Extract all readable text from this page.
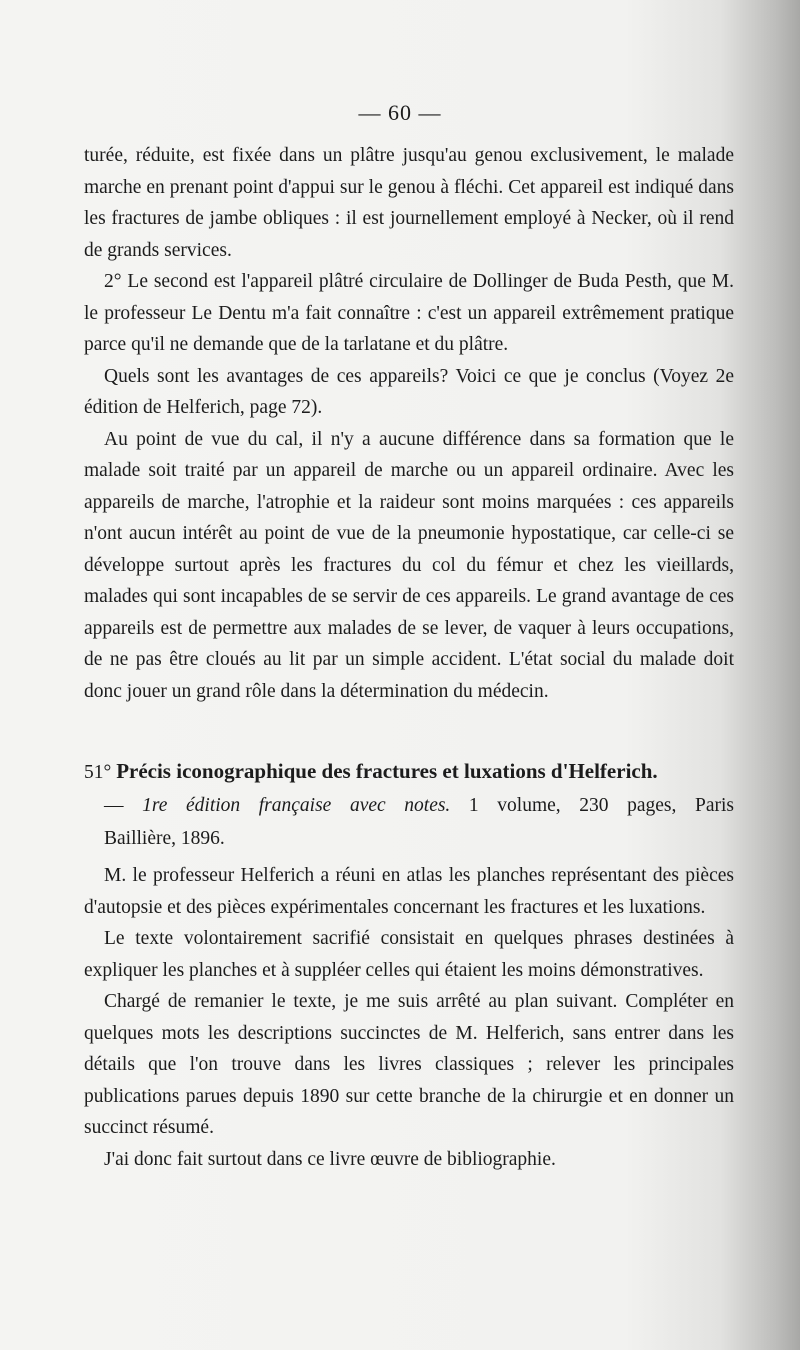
— 60 —

turée, réduite, est fixée dans un plâtre jusqu'au genou exclusivement, le malade marche en prenant point d'appui sur le genou à fléchi. Cet appareil est indiqué dans les fractures de jambe obliques : il est journellement employé à Necker, où il rend de grands services.

2° Le second est l'appareil plâtré circulaire de Dollinger de Buda Pesth, que M. le professeur Le Dentu m'a fait connaître : c'est un appareil extrêmement pratique parce qu'il ne demande que de la tarlatane et du plâtre.

Quels sont les avantages de ces appareils? Voici ce que je conclus (Voyez 2e édition de Helferich, page 72).

Au point de vue du cal, il n'y a aucune différence dans sa formation que le malade soit traité par un appareil de marche ou un appareil ordinaire. Avec les appareils de marche, l'atrophie et la raideur sont moins marquées : ces appareils n'ont aucun intérêt au point de vue de la pneumonie hypostatique, car celle-ci se développe surtout après les fractures du col du fémur et chez les vieillards, malades qui sont incapables de se servir de ces appareils. Le grand avantage de ces appareils est de permettre aux malades de se lever, de vaquer à leurs occupations, de ne pas être cloués au lit par un simple accident. L'état social du malade doit donc jouer un grand rôle dans la détermination du médecin.

51° Précis iconographique des fractures et luxations d'Helferich.
— 1re édition française avec notes. 1 volume, 230 pages, Paris
Baillière, 1896.

M. le professeur Helferich a réuni en atlas les planches représentant des pièces d'autopsie et des pièces expérimentales concernant les fractures et les luxations.

Le texte volontairement sacrifié consistait en quelques phrases destinées à expliquer les planches et à suppléer celles qui étaient les moins démonstratives.

Chargé de remanier le texte, je me suis arrêté au plan suivant. Compléter en quelques mots les descriptions succinctes de M. Helferich, sans entrer dans les détails que l'on trouve dans les livres classiques ; relever les principales publications parues depuis 1890 sur cette branche de la chirurgie et en donner un succinct résumé.

J'ai donc fait surtout dans ce livre œuvre de bibliographie.
